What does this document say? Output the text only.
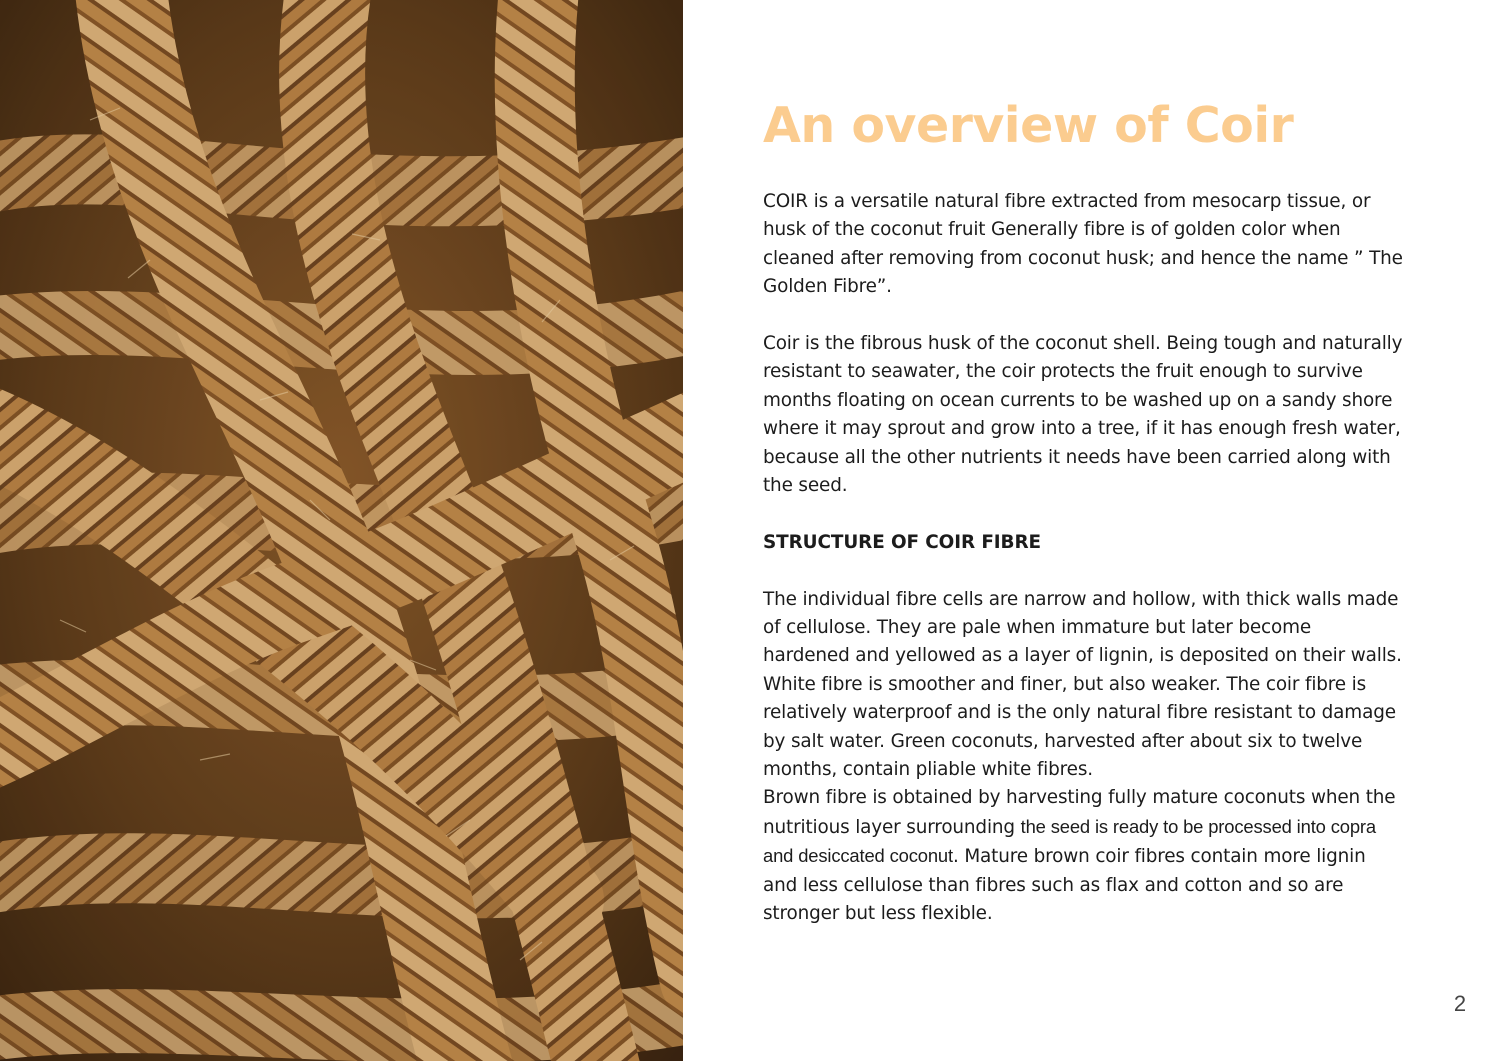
An overview of Coir

COIR is a versatile natural fibre extracted from mesocarp tissue, or husk of the coconut fruit Generally fibre is of golden color when cleaned after removing from coconut husk; and hence the name ” The Golden Fibre”.

Coir is the fibrous husk of the coconut shell. Being tough and naturally resistant to seawater, the coir protects the fruit enough to survive months floating on ocean currents to be washed up on a sandy shore where it may sprout and grow into a tree, if it has enough fresh water, because all the other nutrients it needs have been carried along with the seed.

STRUCTURE OF COIR FIBRE

The individual fibre cells are narrow and hollow, with thick walls made of cellulose. They are pale when immature but later become hardened and yellowed as a layer of lignin, is deposited on their walls.

White fibre is smoother and finer, but also weaker. The coir fibre is relatively waterproof and is the only natural fibre resistant to damage by salt water. Green coconuts, harvested after about six to twelve months, contain pliable white fibres.

Brown fibre is obtained by harvesting fully mature coconuts when the nutritious layer surrounding the seed is ready to be processed into copra and desiccated coconut. Mature brown coir fibres contain more lignin and less cellulose than fibres such as flax and cotton and so are stronger but less flexible.

2
